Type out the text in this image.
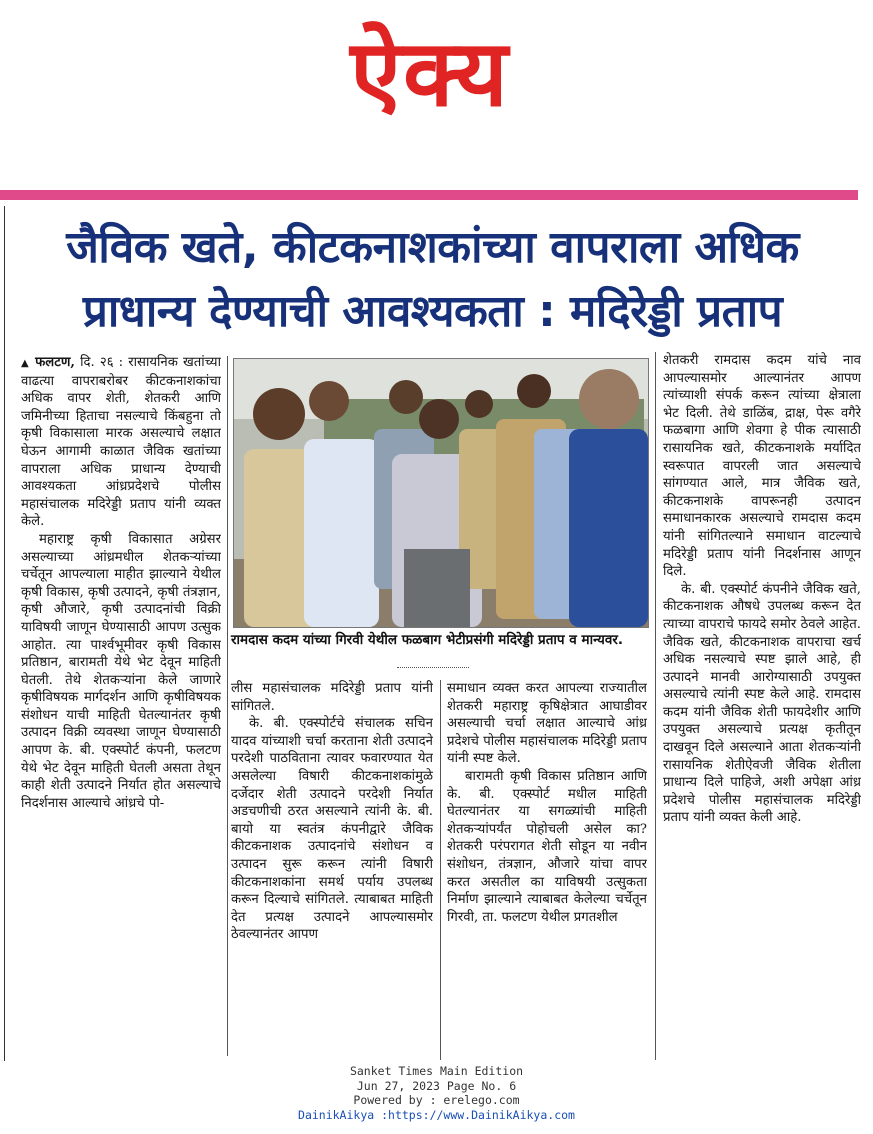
ऐक्य
जैविक खते, कीटकनाशकांच्या वापराला अधिक
प्राधान्य देण्याची आवश्यकता : मदिरेड्डी प्रताप

▲ फलटण, दि. २६ : रासायनिक खतांच्या वाढत्या वापराबरोबर कीटकनाशकांचा अधिक वापर शेती, शेतकरी आणि जमिनीच्या हिताचा नसल्याचे किंबहुना तो कृषी विकासाला मारक असल्याचे लक्षात घेऊन आगामी काळात जैविक खतांच्या वापराला अधिक प्राधान्य देण्याची आवश्यकता आंध्रप्रदेशचे पोलीस महासंचालक मदिरेड्डी प्रताप यांनी व्यक्त केले.

महाराष्ट्र कृषी विकासात अग्रेसर असल्याच्या आंध्रमधील शेतकऱ्यांच्या चर्चेतून आपल्याला माहीत झाल्याने येथील कृषी विकास, कृषी उत्पादने, कृषी तंत्रज्ञान, कृषी औजारे, कृषी उत्पादनांची विक्री याविषयी जाणून घेण्यासाठी आपण उत्सुक आहोत. त्या पार्श्वभूमीवर कृषी विकास प्रतिष्ठान, बारामती येथे भेट देवून माहिती घेतली. तेथे शेतकऱ्यांना केले जाणारे कृषीविषयक मार्गदर्शन आणि कृषीविषयक संशोधन याची माहिती घेतल्यानंतर कृषी उत्पादन विक्री व्यवस्था जाणून घेण्यासाठी आपण के. बी. एक्स्पोर्ट कंपनी, फलटण येथे भेट देवून माहिती घेतली असता तेथून काही शेती उत्पादने निर्यात होत असल्याचे निदर्शनास आल्याचे आंध्रचे पो-

रामदास कदम यांच्या गिरवी येथील फळबाग भेटीप्रसंगी मदिरेड्डी प्रताप व मान्यवर.

लीस महासंचालक मदिरेड्डी प्रताप यांनी सांगितले.

के. बी. एक्स्पोर्टचे संचालक सचिन यादव यांच्याशी चर्चा करताना शेती उत्पादने परदेशी पाठविताना त्यावर फवारण्यात येत असलेल्या विषारी कीटकनाशकांमुळे दर्जेदार शेती उत्पादने परदेशी निर्यात अडचणीची ठरत असल्याने त्यांनी के. बी. बायो या स्वतंत्र कंपनीद्वारे जैविक कीटकनाशक उत्पादनांचे संशोधन व उत्पादन सुरू करून त्यांनी विषारी कीटकनाशकांना समर्थ पर्याय उपलब्ध करून दिल्याचे सांगितले. त्याबाबत माहिती देत प्रत्यक्ष उत्पादने आपल्यासमोर ठेवल्यानंतर आपण

समाधान व्यक्त करत आपल्या राज्यातील शेतकरी महाराष्ट्र कृषिक्षेत्रात आघाडीवर असल्याची चर्चा लक्षात आल्याचे आंध्र प्रदेशचे पोलीस महासंचालक मदिरेड्डी प्रताप यांनी स्पष्ट केले.

बारामती कृषी विकास प्रतिष्ठान आणि के. बी. एक्स्पोर्ट मधील माहिती घेतल्यानंतर या सगळ्यांची माहिती शेतकऱ्यांपर्यंत पोहोचली असेल का? शेतकरी परंपरागत शेती सोडून या नवीन संशोधन, तंत्रज्ञान, औजारे यांचा वापर करत असतील का याविषयी उत्सुकता निर्माण झाल्याने त्याबाबत केलेल्या चर्चेतून गिरवी, ता. फलटण येथील प्रगतशील

शेतकरी रामदास कदम यांचे नाव आपल्यासमोर आल्यानंतर आपण त्यांच्याशी संपर्क करून त्यांच्या क्षेत्राला भेट दिली. तेथे डाळिंब, द्राक्ष, पेरू वगैरे फळबागा आणि शेवगा हे पीक त्यासाठी रासायनिक खते, कीटकनाशके मर्यादित स्वरूपात वापरली जात असल्याचे सांगण्यात आले, मात्र जैविक खते, कीटकनाशके वापरूनही उत्पादन समाधानकारक असल्याचे रामदास कदम यांनी सांगितल्याने समाधान वाटल्याचे मदिरेड्डी प्रताप यांनी निदर्शनास आणून दिले.

के. बी. एक्स्पोर्ट कंपनीने जैविक खते, कीटकनाशक औषधे उपलब्ध करून देत त्याच्या वापराचे फायदे समोर ठेवले आहेत. जैविक खते, कीटकनाशक वापराचा खर्च अधिक नसल्याचे स्पष्ट झाले आहे, ही उत्पादने मानवी आरोग्यासाठी उपयुक्त असल्याचे त्यांनी स्पष्ट केले आहे. रामदास कदम यांनी जैविक शेती फायदेशीर आणि उपयुक्त असल्याचे प्रत्यक्ष कृतीतून दाखवून दिले असल्याने आता शेतकऱ्यांनी रासायनिक शेतीऐवजी जैविक शेतीला प्राधान्य दिले पाहिजे, अशी अपेक्षा आंध्र प्रदेशचे पोलीस महासंचालक मदिरेड्डी प्रताप यांनी व्यक्त केली आहे.

Sanket Times Main Edition
Jun 27, 2023 Page No. 6
Powered by : erelego.com
DainikAikya :https://www.DainikAikya.com
